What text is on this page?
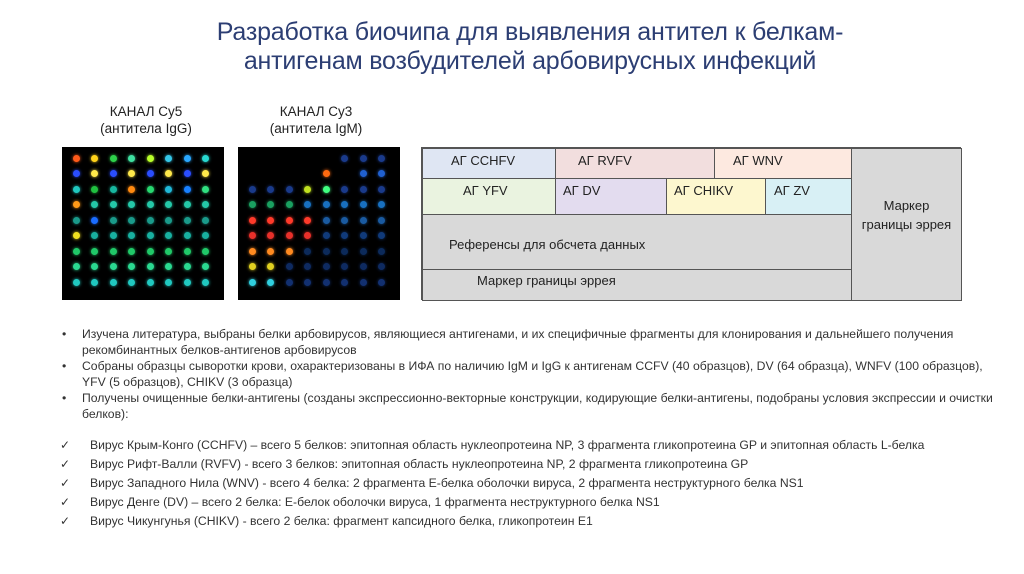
Разработка биочипа для выявления антител к белкам-
антигенам возбудителей арбовирусных инфекций
КАНАЛ Cy5
(антитела IgG)
КАНАЛ Cy3
(антитела IgM)
АГ CCHFV	АГ RVFV	АГ WNV
АГ YFV	АГ DV	АГ CHIKV	АГ ZV
Референсы для обсчета данных
Маркер границы эррея
Маркер границы эррея
• Изучена литература, выбраны белки арбовирусов, являющиеся антигенами, и их специфичные фрагменты для клонирования и дальнейшего получения рекомбинантных белков-антигенов арбовирусов
• Собраны образцы сыворотки крови, охарактеризованы в ИФА по наличию IgM и IgG к антигенам CCFV (40 образцов), DV (64 образца), WNFV (100 образцов), YFV (5 образцов), CHIKV (3 образца)
• Получены очищенные белки-антигены (созданы экспрессионно-векторные конструкции, кодирующие белки-антигены, подобраны условия экспрессии и очистки белков):
✓ Вирус Крым-Конго (CCHFV) – всего 5 белков: эпитопная область нуклеопротеина NP, 3 фрагмента гликопротеина GP и эпитопная область L-белка
✓ Вирус Рифт-Валли (RVFV) - всего 3 белков: эпитопная область нуклеопротеина NP, 2 фрагмента гликопротеина GP
✓ Вирус Западного Нила (WNV) - всего 4 белка: 2 фрагмента Е-белка оболочки вируса, 2 фрагмента неструктурного белка NS1
✓ Вирус Денге (DV) – всего 2 белка: Е-белок оболочки вируса, 1 фрагмента неструктурного белка NS1
✓ Вирус Чикунгунья (CHIKV) - всего 2 белка: фрагмент капсидного белка, гликопротеин Е1
